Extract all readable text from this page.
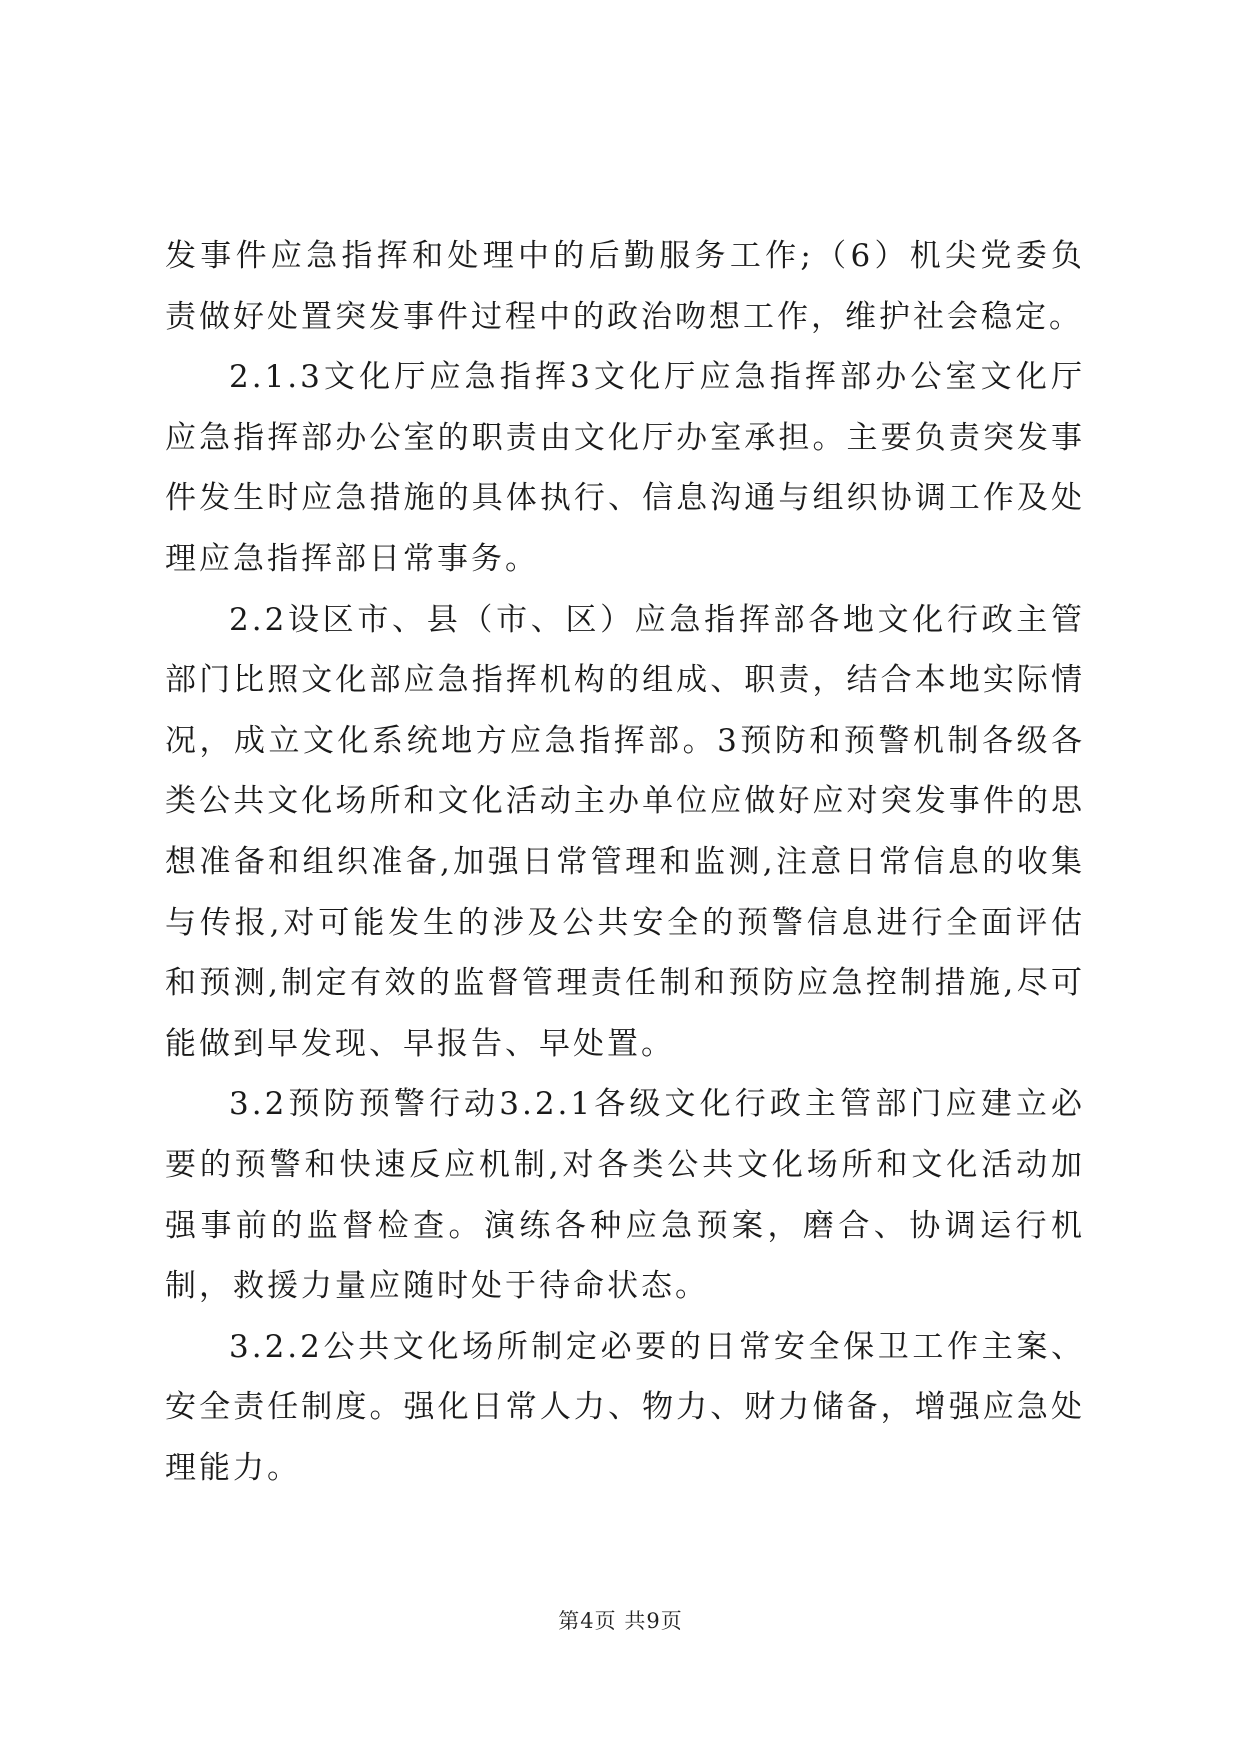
发事件应急指挥和处理中的后勤服务工作;（6）机尖党委负责做好处置突发事件过程中的政治吻想工作，维护社会稳定。

2.1.3文化厅应急指挥3文化厅应急指挥部办公室文化厅应急指挥部办公室的职责由文化厅办室承担。主要负责突发事件发生时应急措施的具体执行、信息沟通与组织协调工作及处理应急指挥部日常事务。

2.2设区市、县（市、区）应急指挥部各地文化行政主管部门比照文化部应急指挥机构的组成、职责，结合本地实际情况，成立文化系统地方应急指挥部。3预防和预警机制各级各类公共文化场所和文化活动主办单位应做好应对突发事件的思想准备和组织准备,加强日常管理和监测,注意日常信息的收集与传报,对可能发生的涉及公共安全的预警信息进行全面评估和预测,制定有效的监督管理责任制和预防应急控制措施,尽可能做到早发现、早报告、早处置。

3.2预防预警行动3.2.1各级文化行政主管部门应建立必要的预警和快速反应机制,对各类公共文化场所和文化活动加强事前的监督检查。演练各种应急预案，磨合、协调运行机制，救援力量应随时处于待命状态。

3.2.2公共文化场所制定必要的日常安全保卫工作主案、安全责任制度。强化日常人力、物力、财力储备，增强应急处理能力。

第4页 共9页
